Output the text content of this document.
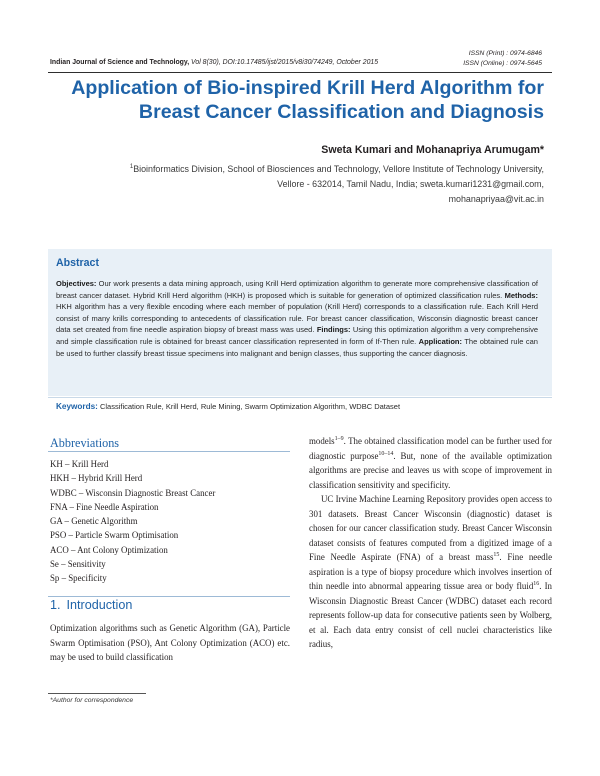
Indian Journal of Science and Technology, Vol 8(30), DOI:10.17485/ijst/2015/v8i30/74249, October 2015
ISSN (Print) : 0974-6846
ISSN (Online) : 0974-5645
Application of Bio-inspired Krill Herd Algorithm for Breast Cancer Classification and Diagnosis
Sweta Kumari and Mohanapriya Arumugam*
$^1$Bioinformatics Division, School of Biosciences and Technology, Vellore Institute of Technology University,
Vellore - 632014, Tamil Nadu, India; sweta.kumari1231@gmail.com,
mohanapriyaa@vit.ac.in
Abstract
Objectives: Our work presents a data mining approach, using Krill Herd optimization algorithm to generate more comprehensive classification of breast cancer dataset. Hybrid Krill Herd algorithm (HKH) is proposed which is suitable for generation of optimized classification rules. Methods: HKH algorithm has a very flexible encoding where each member of population (Krill Herd) corresponds to a classification rule. Each Krill Herd consist of many krills corresponding to antecedents of classification rule. For breast cancer classification, Wisconsin diagnostic breast cancer data set created from fine needle aspiration biopsy of breast mass was used. Findings: Using this optimization algorithm a very comprehensive and simple classification rule is obtained for breast cancer classification represented in form of If-Then rule. Application: The obtained rule can be used to further classify breast tissue specimens into malignant and benign classes, thus supporting the cancer diagnosis.
Keywords: Classification Rule, Krill Herd, Rule Mining, Swarm Optimization Algorithm, WDBC Dataset
Abbreviations
KH – Krill Herd
HKH – Hybrid Krill Herd
WDBC – Wisconsin Diagnostic Breast Cancer
FNA – Fine Needle Aspiration
GA – Genetic Algorithm
PSO – Particle Swarm Optimisation
ACO – Ant Colony Optimization
Se – Sensitivity
Sp – Specificity
1. Introduction
Optimization algorithms such as Genetic Algorithm (GA), Particle Swarm Optimisation (PSO), Ant Colony Optimization (ACO) etc. may be used to build classification

models$^{1-9}$. The obtained classification model can be further used for diagnostic purpose$^{10-14}$. But, none of the available optimization algorithms are precise and leaves us with scope of improvement in classification sensitivity and specificity.

UC Irvine Machine Learning Repository provides open access to 301 datasets. Breast Cancer Wisconsin (diagnostic) dataset is chosen for our cancer classification study. Breast Cancer Wisconsin dataset consists of features computed from a digitized image of a Fine Needle Aspirate (FNA) of a breast mass$^{15}$. Fine needle aspiration is a type of biopsy procedure which involves insertion of thin needle into abnormal appearing tissue area or body fluid$^{16}$. In Wisconsin Diagnostic Breast Cancer (WDBC) dataset each record represents follow-up data for consecutive patients seen by Wolberg, et al. Each data entry consist of cell nuclei characteristics like radius,

*Author for correspondence
